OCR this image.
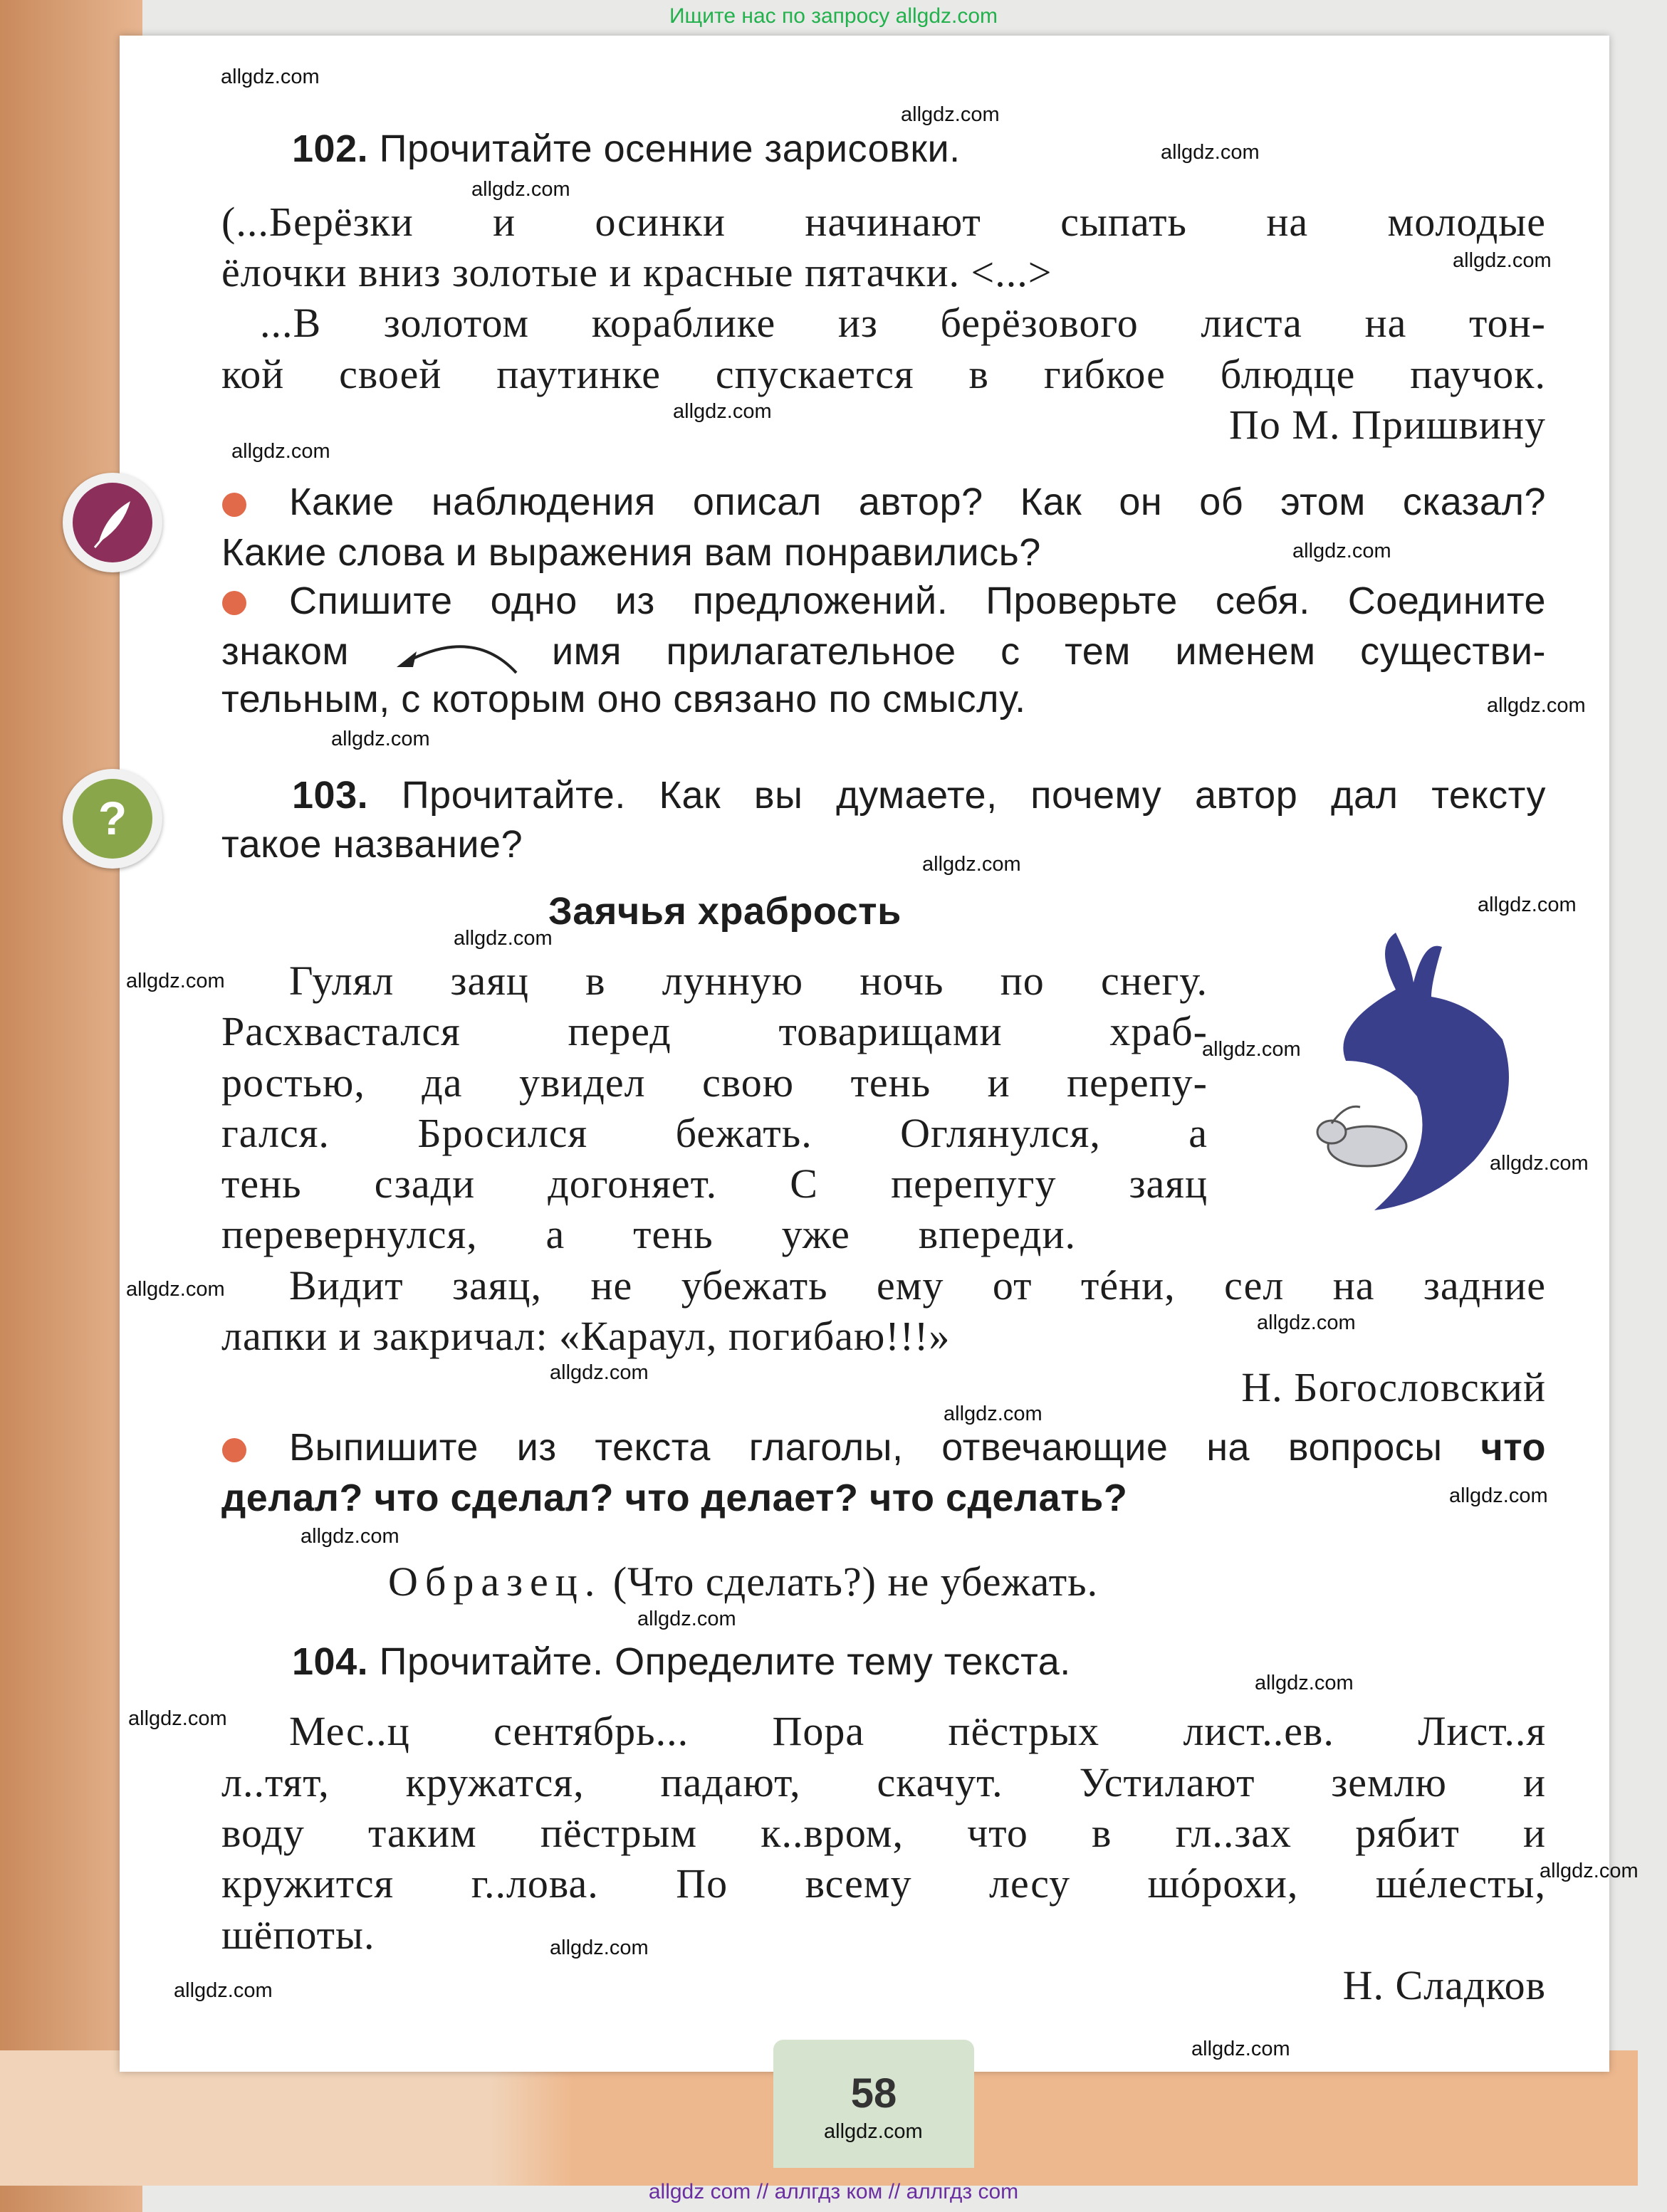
Ищите нас по запросу allgdz.com
?
102. Прочитайте осенние зарисовки.
(...Берёзки и осинки начинают сыпать на молодые
ёлочки вниз золотые и красные пятачки. <...>
...В золотом кораблике из берёзового листа на тон-
кой своей паутинке спускается в гибкое блюдце паучок.
По М. Пришвину
Какие наблюдения описал автор? Как он об этом сказал?
Какие слова и выражения вам понравились?
Спишите одно из предложений. Проверьте себя. Соедините
знаком	имя прилагательное с тем именем существи-
тельным, с которым оно связано по смыслу.
103. Прочитайте. Как вы думаете, почему автор дал тексту
такое название?
Заячья храбрость
Гулял заяц в лунную ночь по снегу.
Расхвастался перед товарищами храб-
ростью, да увидел свою тень и перепу-
гался. Бросился бежать. Оглянулся, а
тень сзади догоняет. С перепугу заяц
перевернулся, а тень уже впереди.
Видит заяц, не убежать ему от тéни, сел на задние
лапки и закричал: «Караул, погибаю!!!»
Н. Богословский
Выпишите из текста глаголы, отвечающие на вопросы что
делал? что сделал? что делает? что сделать?
Образец. (Что сделать?) не убежать.
104. Прочитайте. Определите тему текста.
Мес..ц сентябрь... Пора пёстрых лист..ев. Лист..я
л..тят, кружатся, падают, скачут. Устилают землю и
воду таким пёстрым к..вром, что в гл..зах рябит и
кружится г..лова. По всему лесу шóрохи, шéлесты,
шёпоты.
Н. Сладков
58
allgdz.com
allgdz.com
allgdz.com
allgdz.com
allgdz.com
allgdz.com
allgdz.com
allgdz.com
allgdz.com
allgdz.com
allgdz.com
allgdz.com
allgdz.com
allgdz.com
allgdz.com
allgdz.com
allgdz.com
allgdz.com
allgdz.com
allgdz.com
allgdz.com
allgdz.com
allgdz.com
allgdz.com
allgdz.com
allgdz.com
allgdz.com
allgdz.com
allgdz.com
allgdz.com
allgdz com // аллгдз ком // аллгдз com
